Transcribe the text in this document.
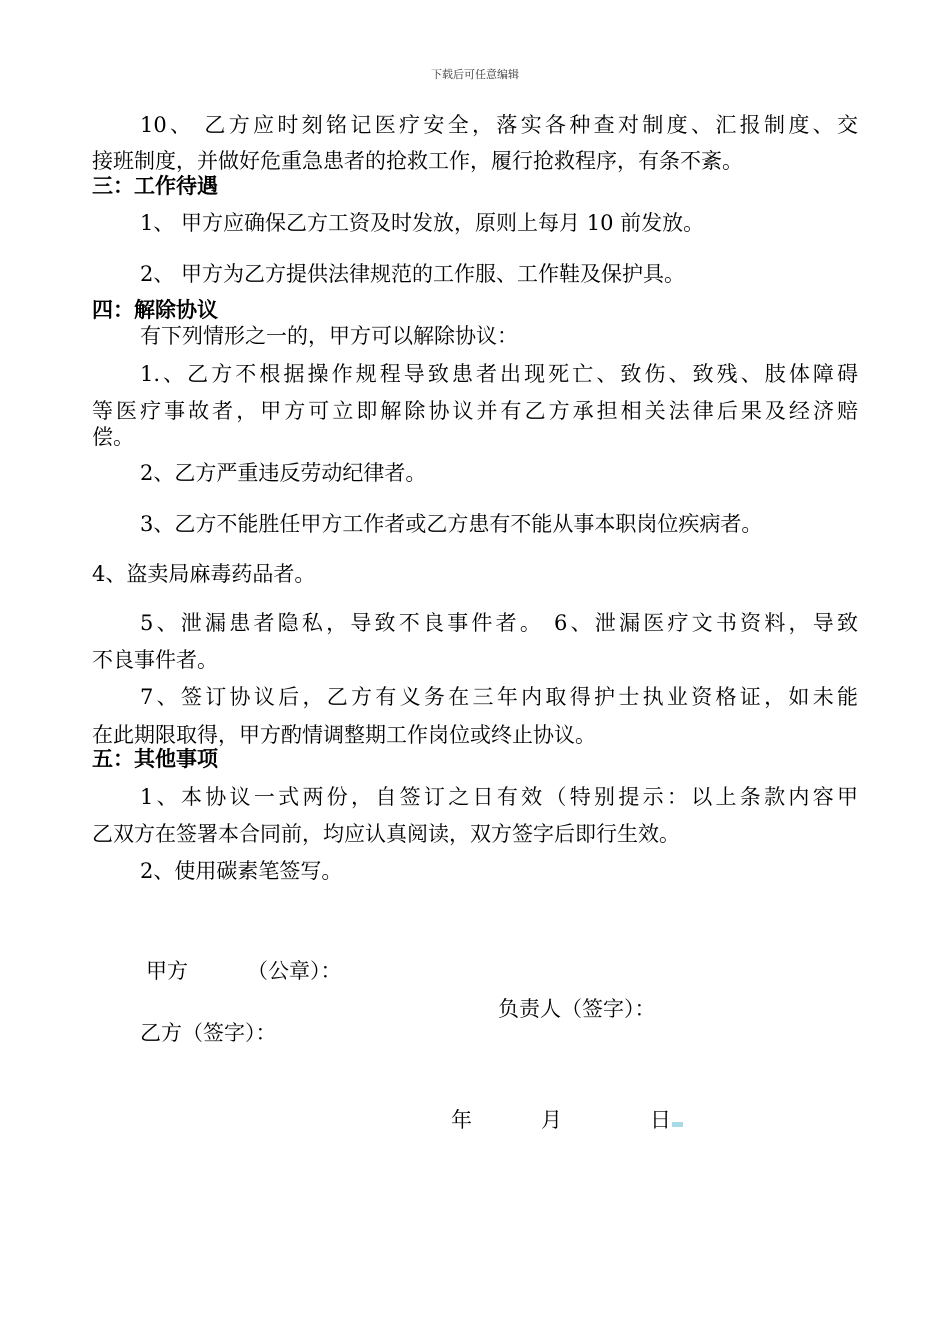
下载后可任意编辑
10、 乙方应时刻铭记医疗安全，落实各种查对制度、汇报制度、交
接班制度，并做好危重急患者的抢救工作，履行抢救程序，有条不紊。
三：工作待遇
1、 甲方应确保乙方工资及时发放，原则上每月 10 前发放。
2、 甲方为乙方提供法律规范的工作服、工作鞋及保护具。
四：解除协议
有下列情形之一的，甲方可以解除协议：
1.、乙方不根据操作规程导致患者出现死亡、致伤、致残、肢体障碍
等医疗事故者，甲方可立即解除协议并有乙方承担相关法律后果及经济赔
偿。
2、乙方严重违反劳动纪律者。
3、乙方不能胜任甲方工作者或乙方患有不能从事本职岗位疾病者。
4、盗卖局麻毒药品者。
5、泄漏患者隐私，导致不良事件者。 6、泄漏医疗文书资料，导致
不良事件者。
7、签订协议后，乙方有义务在三年内取得护士执业资格证，如未能
在此期限取得，甲方酌情调整期工作岗位或终止协议。
五：其他事项
1、本协议一式两份，自签订之日有效（特别提示：以上条款内容甲
乙双方在签署本合同前，均应认真阅读，双方签字后即行生效。
2、使用碳素笔签写。
甲方	（公章）：
负责人（签字）：
乙方（签字）：
年	月	日
